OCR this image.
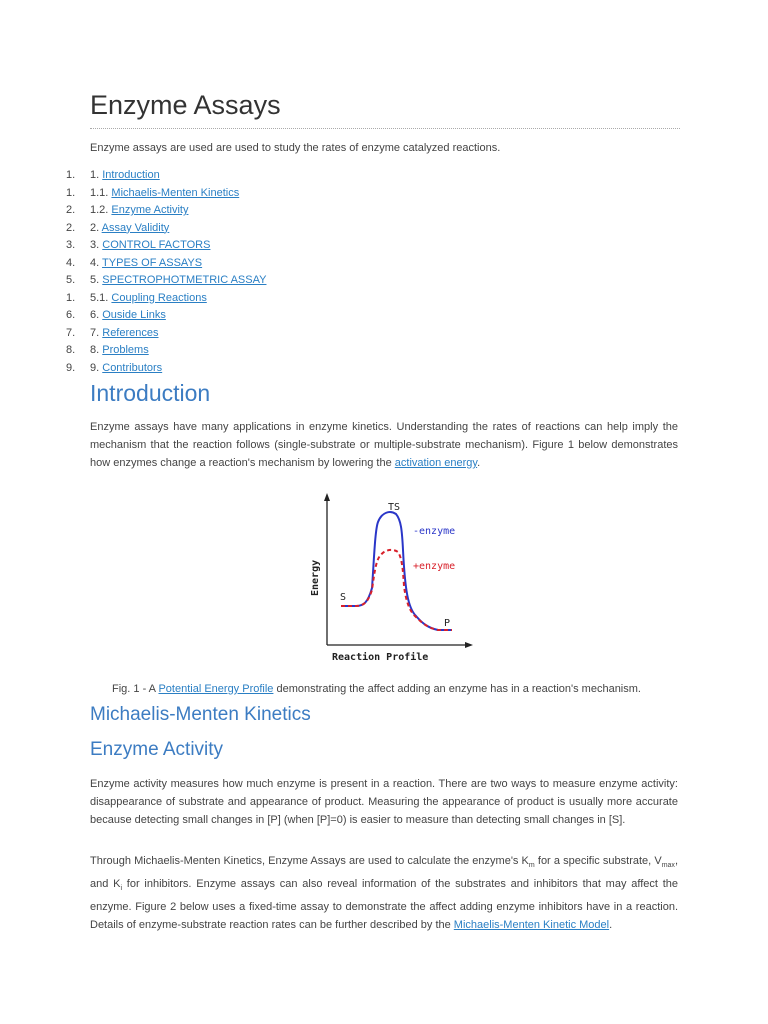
Enzyme Assays

Enzyme assays are used are used to study the rates of enzyme catalyzed reactions.

1. 1. Introduction
1. 1.1. Michaelis-Menten Kinetics
2. 1.2. Enzyme Activity
2. 2. Assay Validity
3. 3. CONTROL FACTORS
4. 4. TYPES OF ASSAYS
5. 5. SPECTROPHOTMETRIC ASSAY
1. 5.1. Coupling Reactions
6. 6. Ouside Links
7. 7. References
8. 8. Problems
9. 9. Contributors
Introduction

Enzyme assays have many applications in enzyme kinetics. Understanding the rates of reactions can help imply the mechanism that the reaction follows (single-substrate or multiple-substrate mechanism). Figure 1 below demonstrates how enzymes change a reaction's mechanism by lowering the activation energy.

TS
S
P
-enzyme
+enzyme
Energy
Reaction Profile

Fig. 1 - A Potential Energy Profile demonstrating the affect adding an enzyme has in a reaction's mechanism.

Michaelis-Menten Kinetics
Enzyme Activity

Enzyme activity measures how much enzyme is present in a reaction. There are two ways to measure enzyme activity: disappearance of substrate and appearance of product. Measuring the appearance of product is usually more accurate because detecting small changes in [P] (when [P]=0) is easier to measure than detecting small changes in [S].

Through Michaelis-Menten Kinetics, Enzyme Assays are used to calculate the enzyme's $K_m$ for a specific substrate, $V_{max}$, and $K_i$ for inhibitors. Enzyme assays can also reveal information of the substrates and inhibitors that may affect the enzyme. Figure 2 below uses a fixed-time assay to demonstrate the affect adding enzyme inhibitors have in a reaction. Details of enzyme-substrate reaction rates can be further described by the Michaelis-Menten Kinetic Model.
